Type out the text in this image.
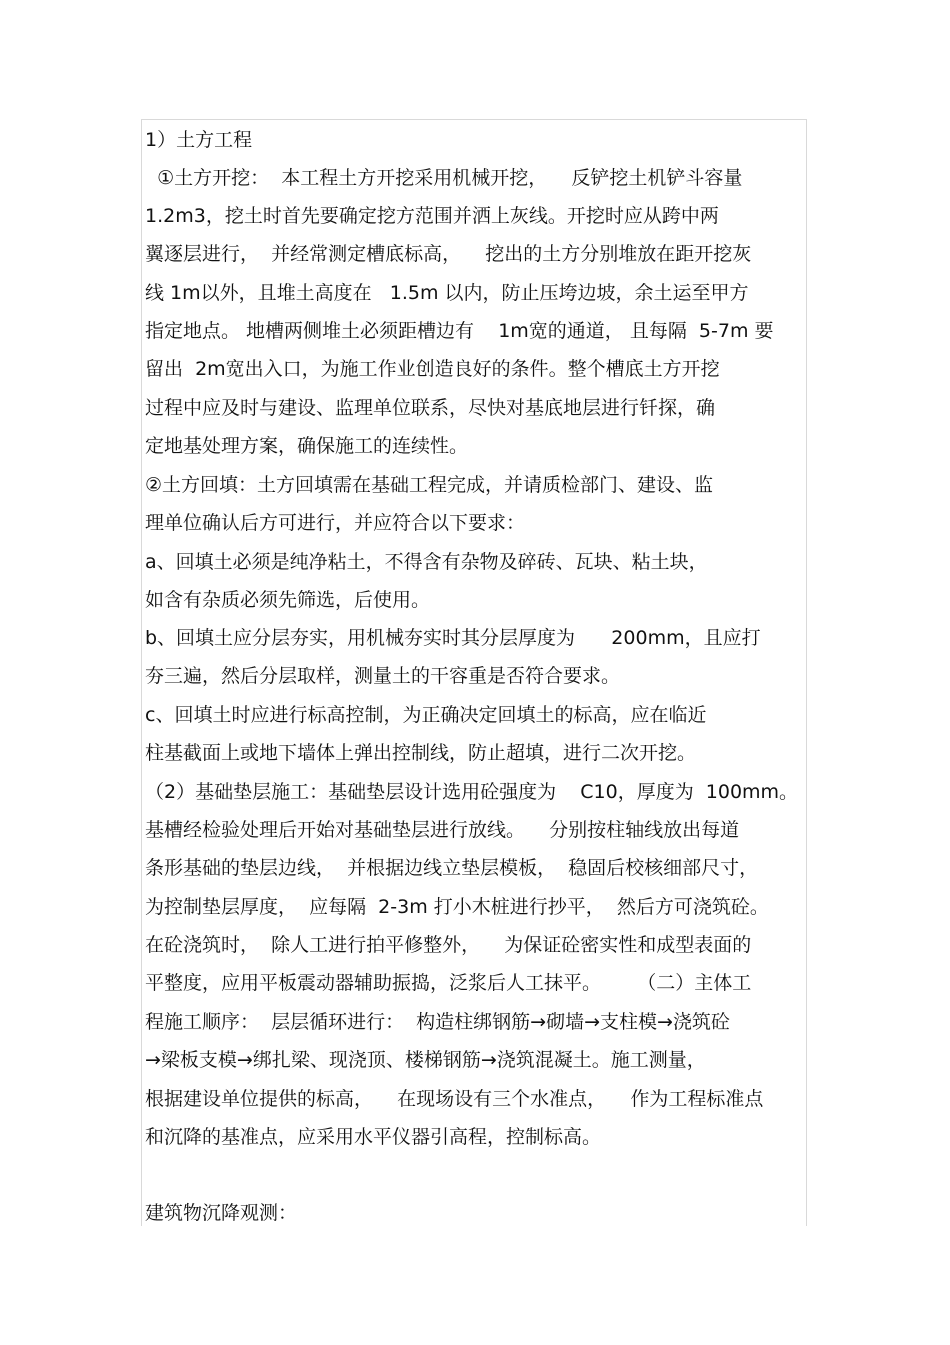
1）土方工程
①土方开挖：  本工程土方开挖采用机械开挖，    反铲挖土机铲斗容量
1.2m3，挖土时首先要确定挖方范围并洒上灰线。开挖时应从跨中两
翼逐层进行，  并经常测定槽底标高，    挖出的土方分别堆放在距开挖灰
线 1m以外，且堆土高度在   1.5m 以内，防止压垮边坡，余土运至甲方
指定地点。 地槽两侧堆土必须距槽边有    1m宽的通道， 且每隔  5-7m 要
留出  2m宽出入口，为施工作业创造良好的条件。整个槽底土方开挖
过程中应及时与建设、监理单位联系，尽快对基底地层进行钎探，确
定地基处理方案，确保施工的连续性。
②土方回填：土方回填需在基础工程完成，并请质检部门、建设、监
理单位确认后方可进行，并应符合以下要求：
a、回填土必须是纯净粘土，不得含有杂物及碎砖、瓦块、粘土块，
如含有杂质必须先筛选，后使用。
b、回填土应分层夯实，用机械夯实时其分层厚度为      200mm，且应打
夯三遍，然后分层取样，测量土的干容重是否符合要求。
c、回填土时应进行标高控制，为正确决定回填土的标高，应在临近
柱基截面上或地下墙体上弹出控制线，防止超填，进行二次开挖。
（2）基础垫层施工：基础垫层设计选用砼强度为    C10，厚度为  100mm。
基槽经检验处理后开始对基础垫层进行放线。    分别按柱轴线放出每道
条形基础的垫层边线，  并根据边线立垫层模板，  稳固后校核细部尺寸，
为控制垫层厚度，  应每隔  2-3m 打小木桩进行抄平，  然后方可浇筑砼。
在砼浇筑时，  除人工进行拍平修整外，    为保证砼密实性和成型表面的
平整度，应用平板震动器辅助振捣，泛浆后人工抹平。      （二）主体工
程施工顺序：  层层循环进行：  构造柱绑钢筋→砌墙→支柱模→浇筑砼
→梁板支模→绑扎梁、现浇顶、楼梯钢筋→浇筑混凝土。施工测量，
根据建设单位提供的标高，    在现场设有三个水准点，    作为工程标准点
和沉降的基准点，应采用水平仪器引高程，控制标高。
建筑物沉降观测：
